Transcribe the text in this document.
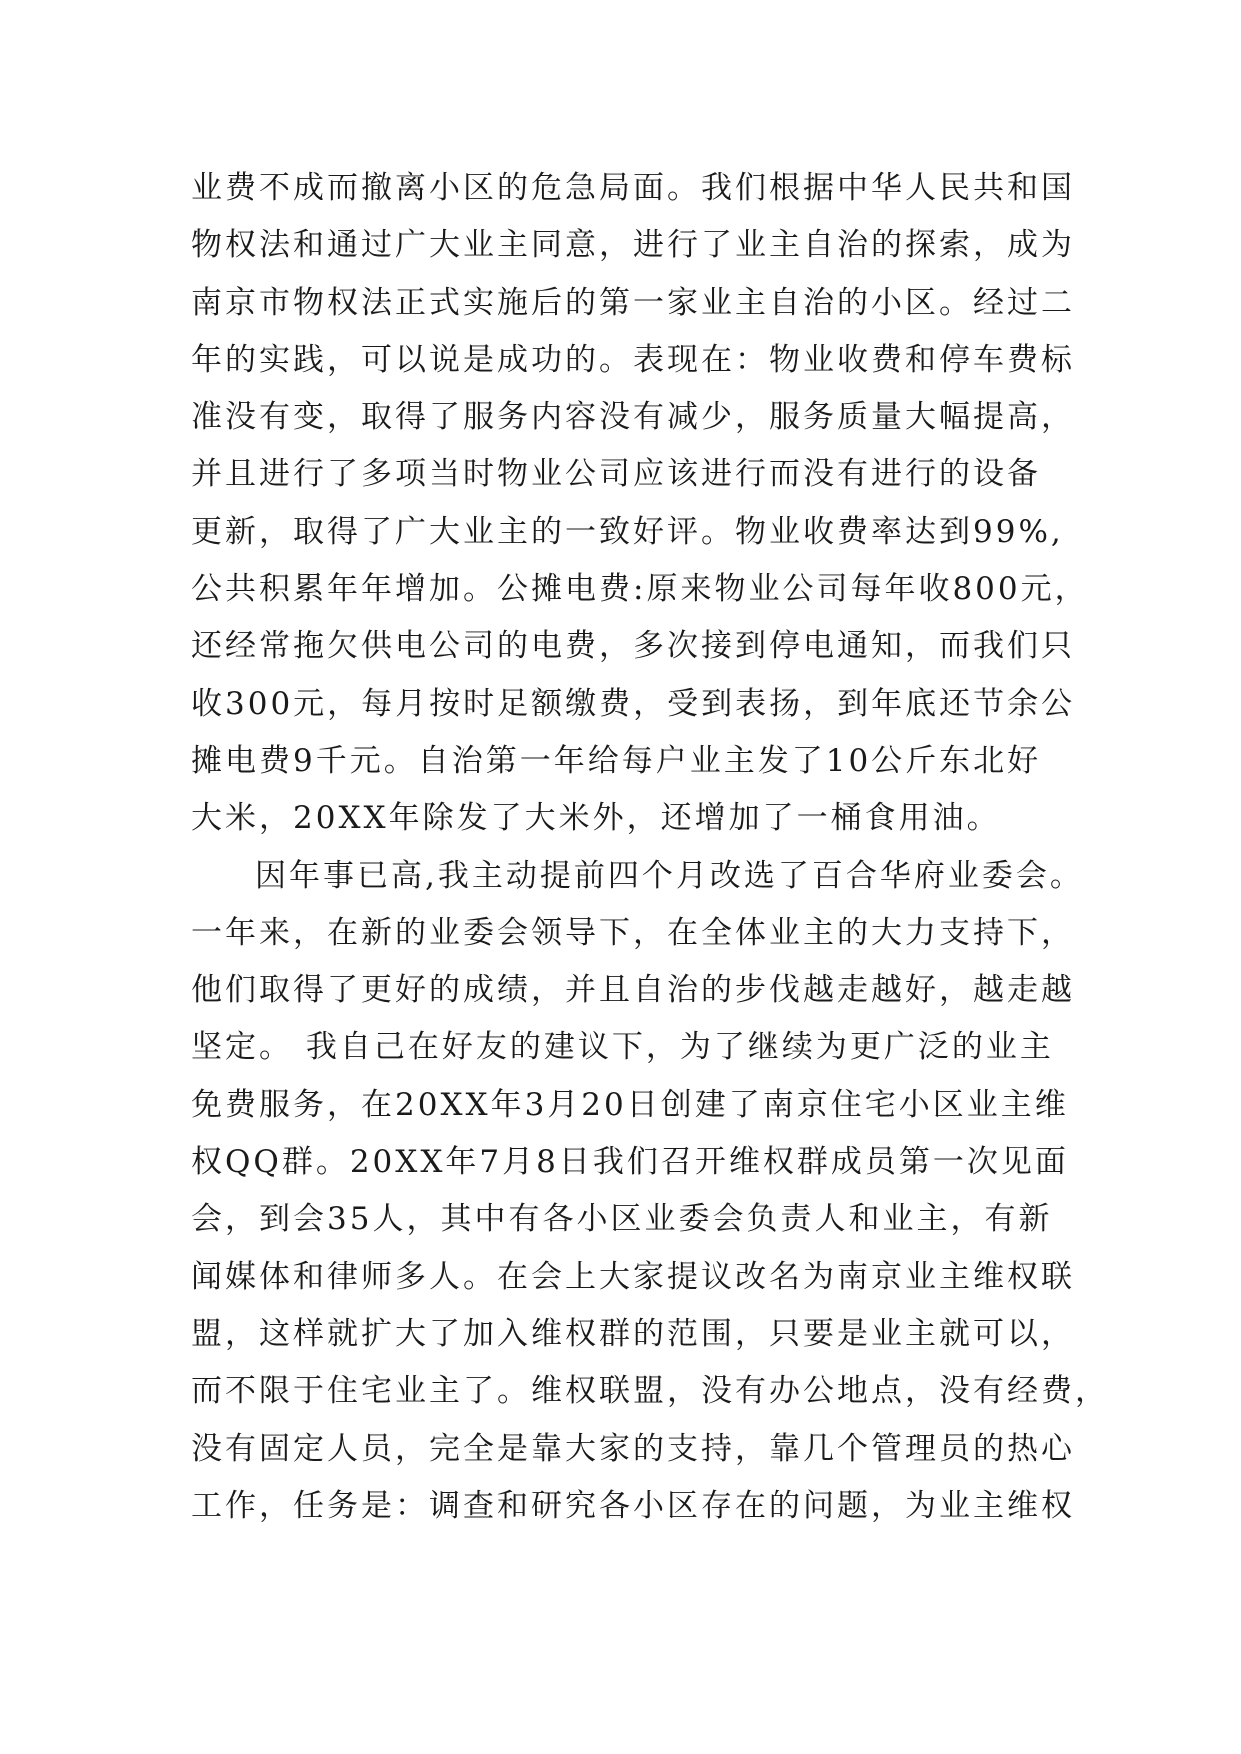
业费不成而撤离小区的危急局面。我们根据中华人民共和国
物权法和通过广大业主同意，进行了业主自治的探索，成为
南京市物权法正式实施后的第一家业主自治的小区。经过二
年的实践，可以说是成功的。表现在：物业收费和停车费标
准没有变，取得了服务内容没有减少，服务质量大幅提高，
并且进行了多项当时物业公司应该进行而没有进行的设备
更新，取得了广大业主的一致好评。物业收费率达到99%,
公共积累年年增加。公摊电费:原来物业公司每年收800元，
还经常拖欠供电公司的电费，多次接到停电通知，而我们只
收300元，每月按时足额缴费，受到表扬，到年底还节余公
摊电费9千元。自治第一年给每户业主发了10公斤东北好
大米，20XX年除发了大米外，还增加了一桶食用油。
因年事已高,我主动提前四个月改选了百合华府业委会。
一年来，在新的业委会领导下，在全体业主的大力支持下，
他们取得了更好的成绩，并且自治的步伐越走越好，越走越
坚定。 我自己在好友的建议下，为了继续为更广泛的业主
免费服务，在20XX年3月20日创建了南京住宅小区业主维
权QQ群。20XX年7月8日我们召开维权群成员第一次见面
会，到会35人，其中有各小区业委会负责人和业主，有新
闻媒体和律师多人。在会上大家提议改名为南京业主维权联
盟，这样就扩大了加入维权群的范围，只要是业主就可以，
而不限于住宅业主了。维权联盟，没有办公地点，没有经费，
没有固定人员，完全是靠大家的支持，靠几个管理员的热心
工作，任务是：调查和研究各小区存在的问题，为业主维权
